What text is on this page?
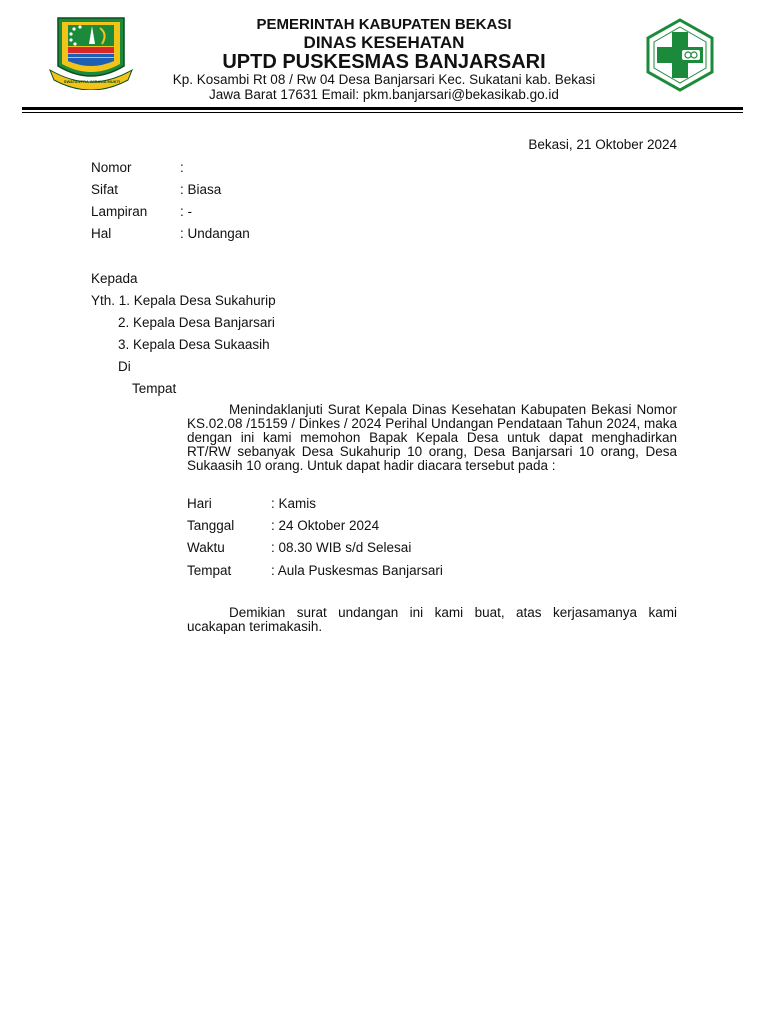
SWATANTRA WIBAWA MUKTI
PEMERINTAH KABUPATEN BEKASI
DINAS KESEHATAN
UPTD PUSKESMAS BANJARSARI
Kp. Kosambi Rt 08 / Rw 04 Desa Banjarsari Kec. Sukatani kab. Bekasi
Jawa Barat 17631 Email: pkm.banjarsari@bekasikab.go.id
Bekasi, 21 Oktober 2024
Nomor	:
Sifat	: Biasa
Lampiran : -
Hal	: Undangan
Kepada
Yth. 1. Kepala Desa Sukahurip
2. Kepala Desa Banjarsari
3. Kepala Desa Sukaasih
Di
Tempat

Menindaklanjuti Surat Kepala Dinas Kesehatan Kabupaten Bekasi Nomor KS.02.08 /15159 / Dinkes / 2024 Perihal Undangan Pendataan Tahun 2024, maka dengan ini kami memohon Bapak Kepala Desa untuk dapat menghadirkan RT/RW sebanyak Desa Sukahurip 10 orang, Desa Banjarsari 10 orang, Desa Sukaasih 10 orang. Untuk dapat hadir diacara tersebut pada :

Hari	: Kamis
Tanggal	: 24 Oktober 2024
Waktu	: 08.30 WIB s/d Selesai
Tempat	: Aula Puskesmas Banjarsari

Demikian surat undangan ini kami buat, atas kerjasamanya kami ucakapan terimakasih.
